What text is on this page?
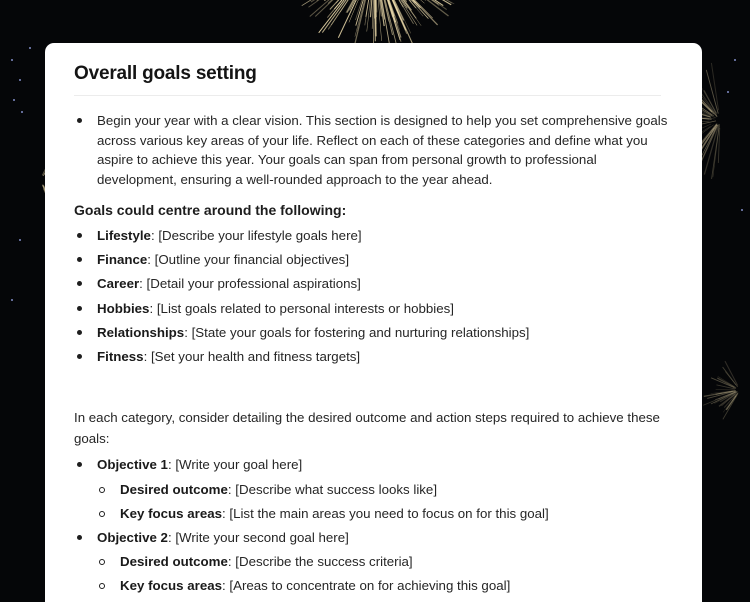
Overall goals setting
Begin your year with a clear vision. This section is designed to help you set comprehensive goals across various key areas of your life. Reflect on each of these categories and define what you aspire to achieve this year. Your goals can span from personal growth to professional development, ensuring a well-rounded approach to the year ahead.
Goals could centre around the following:
Lifestyle: [Describe your lifestyle goals here]
Finance: [Outline your financial objectives]
Career: [Detail your professional aspirations]
Hobbies: [List goals related to personal interests or hobbies]
Relationships: [State your goals for fostering and nurturing relationships]
Fitness: [Set your health and fitness targets]

In each category, consider detailing the desired outcome and action steps required to achieve these goals:

Objective 1: [Write your goal here]
Desired outcome: [Describe what success looks like]
Key focus areas: [List the main areas you need to focus on for this goal]
Objective 2: [Write your second goal here]
Desired outcome: [Describe the success criteria]
Key focus areas: [Areas to concentrate on for achieving this goal]
